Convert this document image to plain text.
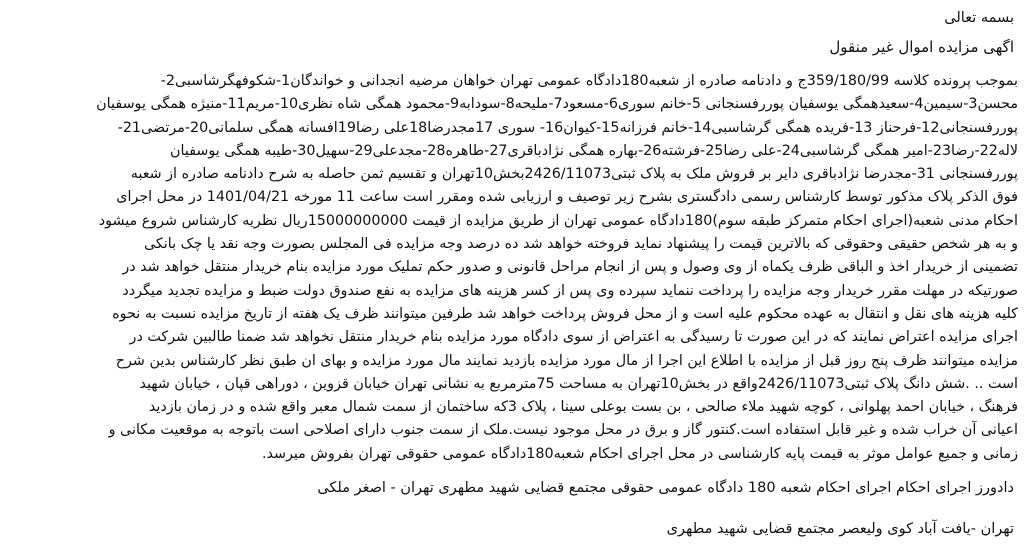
بسمه تعالی
اگهی مزایده اموال غیر منقول
بموجب پرونده کلاسه 359/180/99ج و دادنامه صادره از شعبه180دادگاه عمومی تهران خواهان مرضیه انجدانی و خواندگان1-شکوفهگرشاسبی2-
محسن3-سیمین4-سعیدهمگی یوسفیان پوررفسنجانی 5-خانم سوری6-مسعود7-ملیحه8-سودابه9-محمود همگی شاه نظری10-مریم11-منیژه همگی یوسفیان
پوررفسنجانی12-فرحناز 13-فریده همگی گرشاسبی14-خانم فرزانه15-کیوان16- سوری 17مجدرضا18علی رضا19افسانه همگی سلمانی20-مرتضی21-
لاله22-رضا23-امیر همگی گرشاسبی24-علی رضا25-فرشته26-بهاره همگی نژادباقری27-طاهره28-مجدعلی29-سهیل30-طیبه همگی یوسفیان
پوررفسنجانی 31-مجدرضا نژادباقری دایر بر فروش ملک به پلاک ثبتی2426/11073بخش10تهران و تقسیم ثمن حاصله به شرح دادنامه صادره از شعبه
فوق الذکر پلاک مذکور توسط کارشناس رسمی دادگستری بشرح زیر توصیف و ارزیابی شده ومقرر است ساعت 11 مورخه 1401/04/21 در محل اجرای
احکام مدنی شعبه(اجرای احکام متمرکز طبقه سوم)180دادگاه عمومی تهران از طریق مزایده از قیمت 15000000000ریال نظریه کارشناس شروع میشود
و به هر شخص حقیقی وحقوقی که بالاترین قیمت را پیشنهاد نماید فروخته خواهد شد ده درصد وجه مزایده فی المجلس بصورت وجه نقد یا چک بانکی
تضمینی از خریدار اخذ و الباقی ظرف یکماه از وی وصول و پس از انجام مراحل قانونی و صدور حکم تملیک مورد مزایده بنام خریدار منتقل خواهد شد در
صورتیکه در مهلت مقرر خریدار وجه مزایده را پرداخت ننماید سپرده وی پس از کسر هزینه های مزایده به نفع صندوق دولت ضبط و مزایده تجدید میگردد
کلیه هزینه های نقل و انتقال به عهده محکوم علیه است و از محل فروش پرداخت خواهد شد طرفین میتوانند ظرف یک هفته از تاریخ مزایده نسبت به نحوه
اجرای مزایده اعتراض نمایند که در این صورت تا رسیدگی به اعتراض از سوی دادگاه مورد مزایده بنام خریدار منتقل نخواهد شد ضمنا طالبین شرکت در
مزایده میتوانند ظرف پنج روز قبل از مزایده با اطلاع این اجرا از مال مورد مزایده بازدید نمایند مال مورد مزایده و بهای ان طبق نظر کارشناس بدین شرح
است .. .شش دانگ پلاک ثبتی2426/11073واقع در بخش10تهران به مساحت 75مترمربع به نشانی تهران خیابان قزوین ، دوراهی قپان ، خیابان شهید
فرهنگ ، خیابان احمد پهلوانی ، کوچه شهید ملاء صالحی ، بن بست بوعلی سینا ، پلاک 3که ساختمان از سمت شمال معبر واقع شده و در زمان بازدید
اعیانی آن خراب شده و غیر قابل استفاده است.کنتور گاز و برق در محل موجود نیست.ملک از سمت جنوب دارای اصلاحی است باتوجه به موقعیت مکانی و
زمانی و جمیع عوامل موثر به قیمت پایه کارشناسی در محل اجرای احکام شعبه180دادگاه عمومی حقوقی تهران بفروش میرسد.
دادورز اجرای احکام اجرای احکام شعبه 180 دادگاه عمومی حقوقی مجتمع قضایی شهید مطهری تهران - اصغر ملکی
تهران -یافت آباد کوی ولیعصر مجتمع قضایی شهید مطهری
